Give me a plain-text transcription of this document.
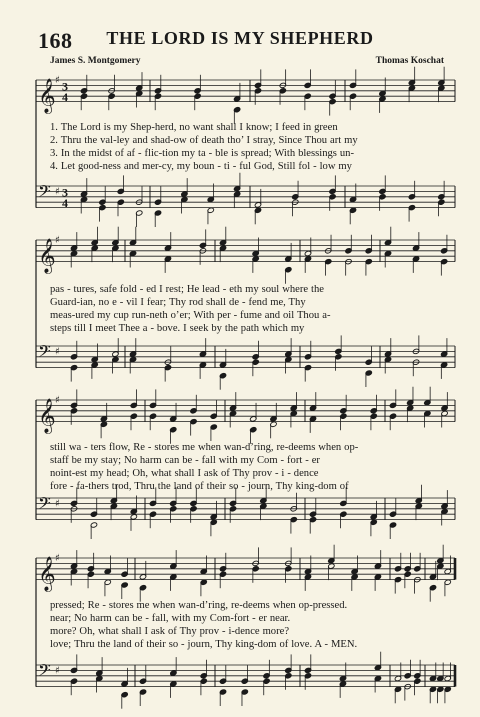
168	THE LORD IS MY SHEPHERD
James S. Montgomery	Thomas Koschat
𝄞 ♯ 3
4
𝄢 ♯ 3
4
𝄞 ♯
𝄢 ♯
𝄞 ♯
𝄢 ♯
𝄞 ♯
𝄢 ♯
1. The Lord is my Shep-herd, no want shall I know; I feed in green
2. Thru the val-ley and shad-ow of death tho’ I stray, Since Thou art my
3. In the midst of af - flic-tion my ta - ble is spread; With blessings un-
4. Let good-ness and mer-cy, my boun - ti - ful God, Still fol - low my
pas - tures, safe fold - ed I rest; He lead - eth my soul where the
Guard-ian, no e - vil I fear; Thy rod shall de - fend me, Thy
meas-ured my cup run-neth o’er; With per - fume and oil Thou a-
steps till I meet Thee a - bove. I seek by the path which my
still wa - ters flow, Re - stores me when wan-d’ring, re-deems when op-
staff be my stay; No harm can be - fall with my Com - fort - er
noint-est my head; Oh, what shall I ask of Thy prov - i - dence
fore - fa-thers trod, Thru the land of their so - journ, Thy king-dom of
pressed; Re - stores me when wan-d’ring, re-deems when op-pressed.
near; No harm can be - fall, with my Com-fort - er near.
more? Oh, what shall I ask of Thy prov - i-dence more?
love; Thru the land of their so - journ, Thy king-dom of love. A - MEN.
